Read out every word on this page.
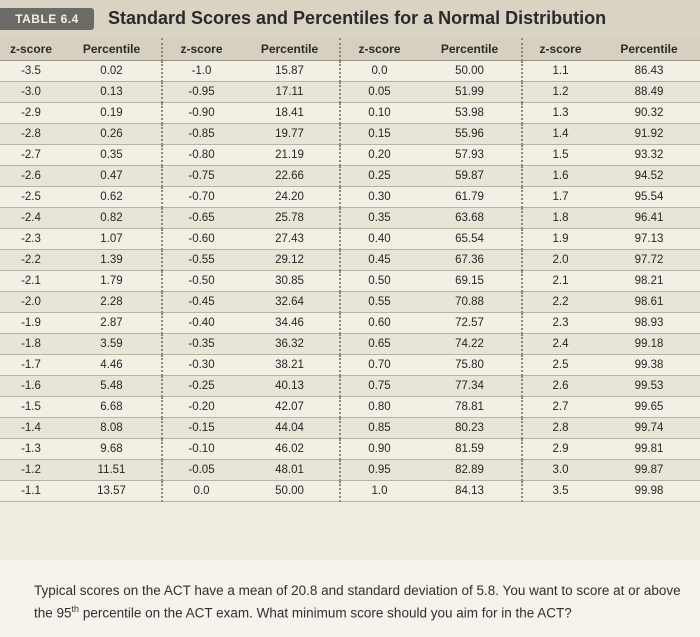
TABLE 6.4	Standard Scores and Percentiles for a Normal Distribution
z-score	Percentile	z-score	Percentile	z-score	Percentile	z-score	Percentile
-3.5	0.02	-1.0	15.87	0.0	50.00	1.1	86.43
-3.0	0.13	-0.95	17.11	0.05	51.99	1.2	88.49
-2.9	0.19	-0.90	18.41	0.10	53.98	1.3	90.32
-2.8	0.26	-0.85	19.77	0.15	55.96	1.4	91.92
-2.7	0.35	-0.80	21.19	0.20	57.93	1.5	93.32
-2.6	0.47	-0.75	22.66	0.25	59.87	1.6	94.52
-2.5	0.62	-0.70	24.20	0.30	61.79	1.7	95.54
-2.4	0.82	-0.65	25.78	0.35	63.68	1.8	96.41
-2.3	1.07	-0.60	27.43	0.40	65.54	1.9	97.13
-2.2	1.39	-0.55	29.12	0.45	67.36	2.0	97.72
-2.1	1.79	-0.50	30.85	0.50	69.15	2.1	98.21
-2.0	2.28	-0.45	32.64	0.55	70.88	2.2	98.61
-1.9	2.87	-0.40	34.46	0.60	72.57	2.3	98.93
-1.8	3.59	-0.35	36.32	0.65	74.22	2.4	99.18
-1.7	4.46	-0.30	38.21	0.70	75.80	2.5	99.38
-1.6	5.48	-0.25	40.13	0.75	77.34	2.6	99.53
-1.5	6.68	-0.20	42.07	0.80	78.81	2.7	99.65
-1.4	8.08	-0.15	44.04	0.85	80.23	2.8	99.74
-1.3	9.68	-0.10	46.02	0.90	81.59	2.9	99.81
-1.2	11.51	-0.05	48.01	0.95	82.89	3.0	99.87
-1.1	13.57	0.0	50.00	1.0	84.13	3.5	99.98
Typical scores on the ACT have a mean of 20.8 and standard deviation of 5.8. You want to score at or above the 95th percentile on the ACT exam. What minimum score should you aim for in the ACT?
